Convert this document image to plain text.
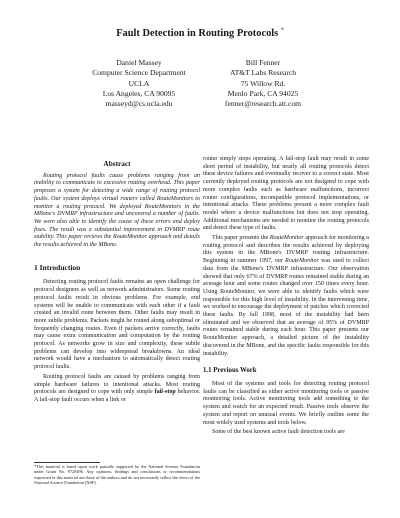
Fault Detection in Routing Protocols *
Daniel Massey
Computer Science Department
UCLA
Los Angeles, CA 90095
masseyd@cs.ucla.edu
Bill Fenner
AT&T Labs Research
75 Willow Rd.
Menlo Park, CA 94025
fenner@research.att.com
Abstract

Routing protocol faults cause problems ranging from an inability to communicate to excessive routing overhead. This paper proposes a system for detecting a wide range of routing protocol faults. Our system deploys virtual routers called RouteMonitors to monitor a routing protocol. We deployed RouteMonitors in the MBone's DVMRP infrastructure and uncovered a number of faults. We were also able to identify the cause of these errors and deploy fixes. The result was a substantial improvement in DVMRP route stability. This paper reviews the RouteMonitor approach and details the results achieved in the MBone.

1 Introduction

Detecting routing protocol faults remains an open challenge for protocol designers as well as network administrators. Some routing protocol faults result in obvious problems. For example, end systems will be unable to communicate with each other if a fault created an invalid route between them. Other faults may result in more subtle problems. Packets might be routed along suboptimal or frequently changing routes. Even if packets arrive correctly, faults may cause extra communication and computation by the routing protocol. As networks grow in size and complexity, these subtle problems can develop into widespread breakdowns. An ideal network would have a mechanism to automatically detect routing protocol faults.

Routing protocol faults are caused by problems ranging from simple hardware failures to intentional attacks. Most routing protocols are designed to cope with only simple fail-stop behavior. A fail-stop fault occurs when a link or

*This material is based upon work partially supported by the National Science Foundation under Grant No. 9728496. Any opinions, findings and conclusions or recommendations expressed in this material are those of the authors and do not necessarily reflect the views of the National Science Foundation (NSF).

router simply stops operating. A fail-stop fault may result in some short period of instability, but nearly all routing protocols detect these device failures and eventually recover to a correct state. Most currently deployed routing protocols are not designed to cope with more complex faults such as hardware malfunctions, incorrect router configurations, incompatible protocol implementations, or intentional attacks. These problems present a more complex fault model where a device malfunctions but does not stop operating. Additional mechanisms are needed to monitor the routing protocols and detect these type of faults.

This paper presents the RouteMonitor approach for monitoring a routing protocol and describes the results achieved by deploying this system in the MBone's DVMRP routing infrastructure. Beginning in summer 1997, our RouteMonitor was used to collect data from the MBone's DVMRP infrastructure. Our observation showed that only 67% of DVMRP routes remained stable during an average hour and some routes changed over 150 times every hour. Using RouteMonitor, we were able to identify faults which were responsible for this high level of instability. In the intervening time, we worked to encourage the deployment of patches which corrected these faults. By fall 1998, most of the instability had been eliminated and we observed that an average of 95% of DVMRP routes remained stable during each hour. This paper presents our RouteMonitor approach, a detailed picture of the instability discovered in the MBone, and the specific faults responsible for this instability.

1.1 Previous Work

Most of the systems and tools for detecting routing protocol faults can be classified as either active monitoring tools or passive monitoring tools. Active monitoring tools add something to the system and watch for an expected result. Passive tools observe the system and report on unusual events. We briefly outline some the most widely used systems and tools below.

Some of the best known active fault detection tools are
